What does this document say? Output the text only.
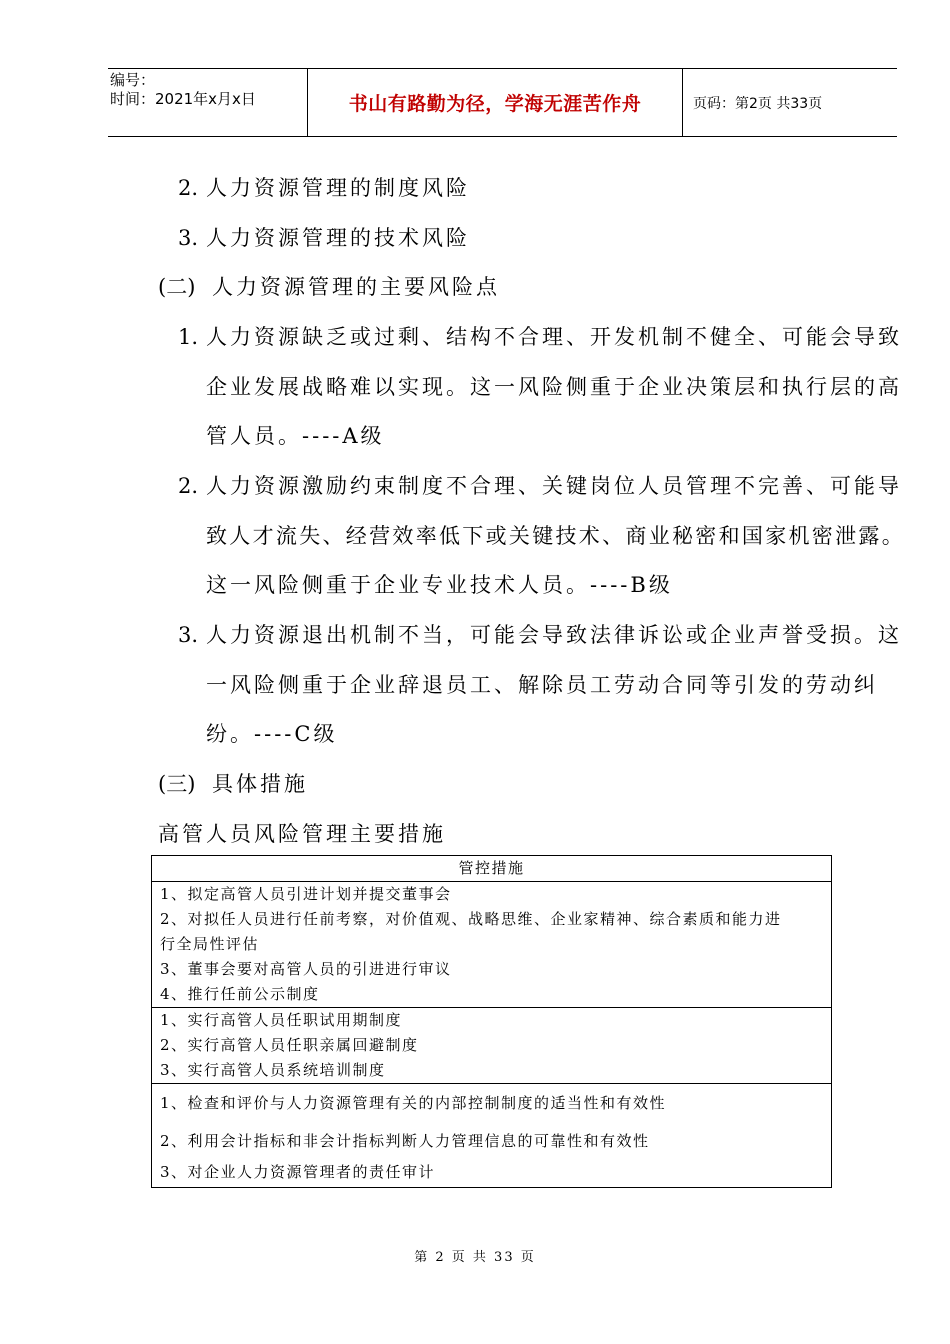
编号：
时间：2021年x月x日	书山有路勤为径，学海无涯苦作舟	页码：第2页 共33页
2. 人力资源管理的制度风险
3. 人力资源管理的技术风险
(二) 人力资源管理的主要风险点
1. 人力资源缺乏或过剩、结构不合理、开发机制不健全、可能会导致
企业发展战略难以实现。这一风险侧重于企业决策层和执行层的高
管人员。----A级
2. 人力资源激励约束制度不合理、关键岗位人员管理不完善、可能导
致人才流失、经营效率低下或关键技术、商业秘密和国家机密泄露。
这一风险侧重于企业专业技术人员。----B级
3. 人力资源退出机制不当，可能会导致法律诉讼或企业声誉受损。这
一风险侧重于企业辞退员工、解除员工劳动合同等引发的劳动纠
纷。----C级
(三) 具体措施
高管人员风险管理主要措施
管控措施
1、拟定高管人员引进计划并提交董事会
2、对拟任人员进行任前考察，对价值观、战略思维、企业家精神、综合素质和能力进
行全局性评估
3、董事会要对高管人员的引进进行审议
4、推行任前公示制度
1、实行高管人员任职试用期制度
2、实行高管人员任职亲属回避制度
3、实行高管人员系统培训制度
1、检查和评价与人力资源管理有关的内部控制制度的适当性和有效性
2、利用会计指标和非会计指标判断人力管理信息的可靠性和有效性
3、对企业人力资源管理者的责任审计
第 2 页 共 33 页
